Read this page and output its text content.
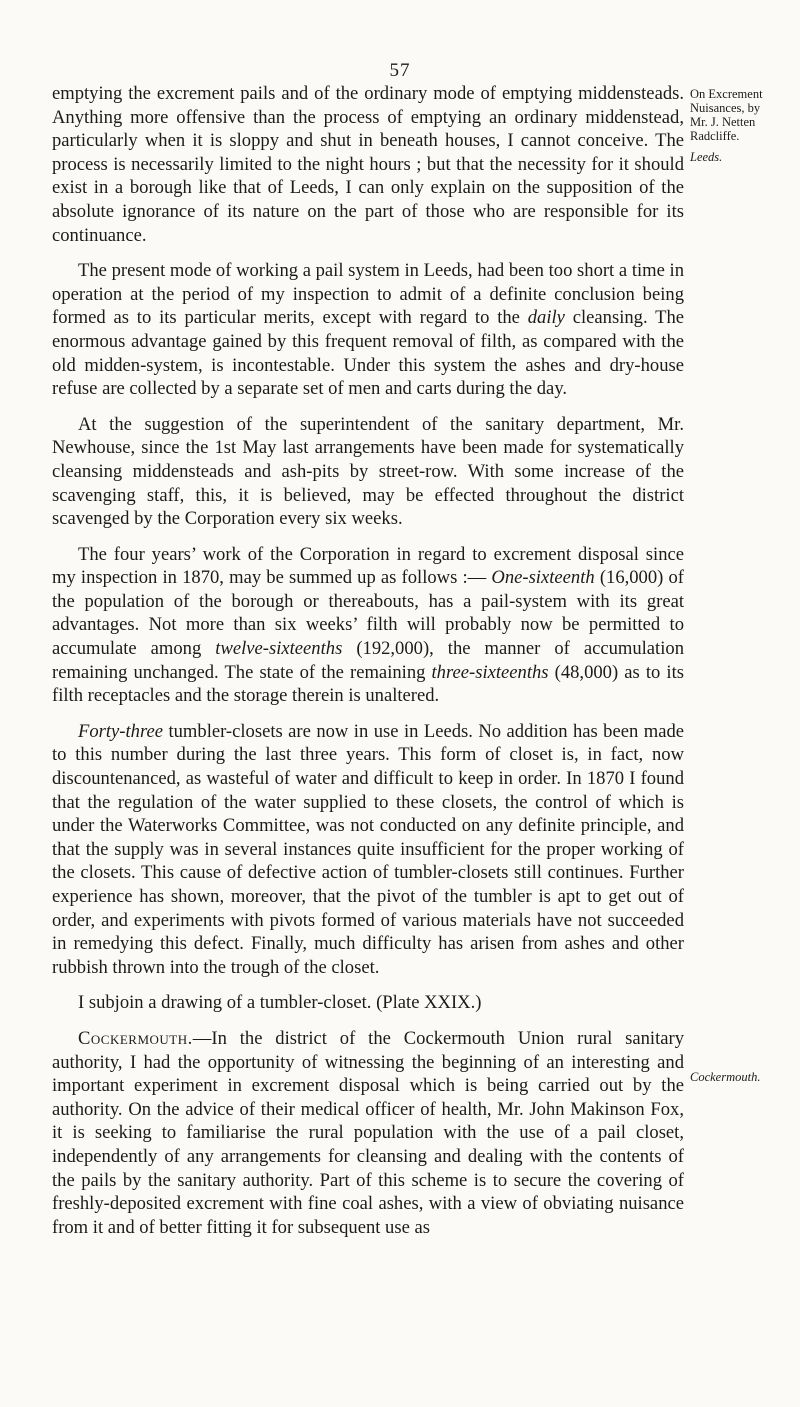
57
On Excrement
Nuisances, by
Mr. J. Netten
Radcliffe.
Leeds.
Cockermouth.

emptying the excrement pails and of the ordinary mode of emptying middensteads. Anything more offensive than the process of emptying an ordinary middenstead, particularly when it is sloppy and shut in beneath houses, I cannot conceive. The process is necessarily limited to the night hours ; but that the necessity for it should exist in a borough like that of Leeds, I can only explain on the supposition of the absolute ignorance of its nature on the part of those who are responsible for its continuance.

The present mode of working a pail system in Leeds, had been too short a time in operation at the period of my inspection to admit of a definite conclusion being formed as to its particular merits, except with regard to the daily cleansing. The enormous advantage gained by this frequent removal of filth, as compared with the old midden-system, is incontestable. Under this system the ashes and dry-house refuse are collected by a separate set of men and carts during the day.

At the suggestion of the superintendent of the sanitary department, Mr. Newhouse, since the 1st May last arrangements have been made for systematically cleansing middensteads and ash-pits by street-row. With some increase of the scavenging staff, this, it is believed, may be effected throughout the district scavenged by the Corporation every six weeks.

The four years’ work of the Corporation in regard to excrement disposal since my inspection in 1870, may be summed up as follows :— One-sixteenth (16,000) of the population of the borough or thereabouts, has a pail-system with its great advantages. Not more than six weeks’ filth will probably now be permitted to accumulate among twelve-sixteenths (192,000), the manner of accumulation remaining unchanged. The state of the remaining three-sixteenths (48,000) as to its filth receptacles and the storage therein is unaltered.

Forty-three tumbler-closets are now in use in Leeds. No addition has been made to this number during the last three years. This form of closet is, in fact, now discountenanced, as wasteful of water and difficult to keep in order. In 1870 I found that the regulation of the water supplied to these closets, the control of which is under the Waterworks Committee, was not conducted on any definite principle, and that the supply was in several instances quite insufficient for the proper working of the closets. This cause of defective action of tumbler-closets still continues. Further experience has shown, moreover, that the pivot of the tumbler is apt to get out of order, and experiments with pivots formed of various materials have not succeeded in remedying this defect. Finally, much difficulty has arisen from ashes and other rubbish thrown into the trough of the closet.

I subjoin a drawing of a tumbler-closet. (Plate XXIX.)

Cockermouth.—In the district of the Cockermouth Union rural sanitary authority, I had the opportunity of witnessing the beginning of an interesting and important experiment in excrement disposal which is being carried out by the authority. On the advice of their medical officer of health, Mr. John Makinson Fox, it is seeking to familiarise the rural population with the use of a pail closet, independently of any arrangements for cleansing and dealing with the contents of the pails by the sanitary authority. Part of this scheme is to secure the covering of freshly-deposited excrement with fine coal ashes, with a view of obviating nuisance from it and of better fitting it for subsequent use as
